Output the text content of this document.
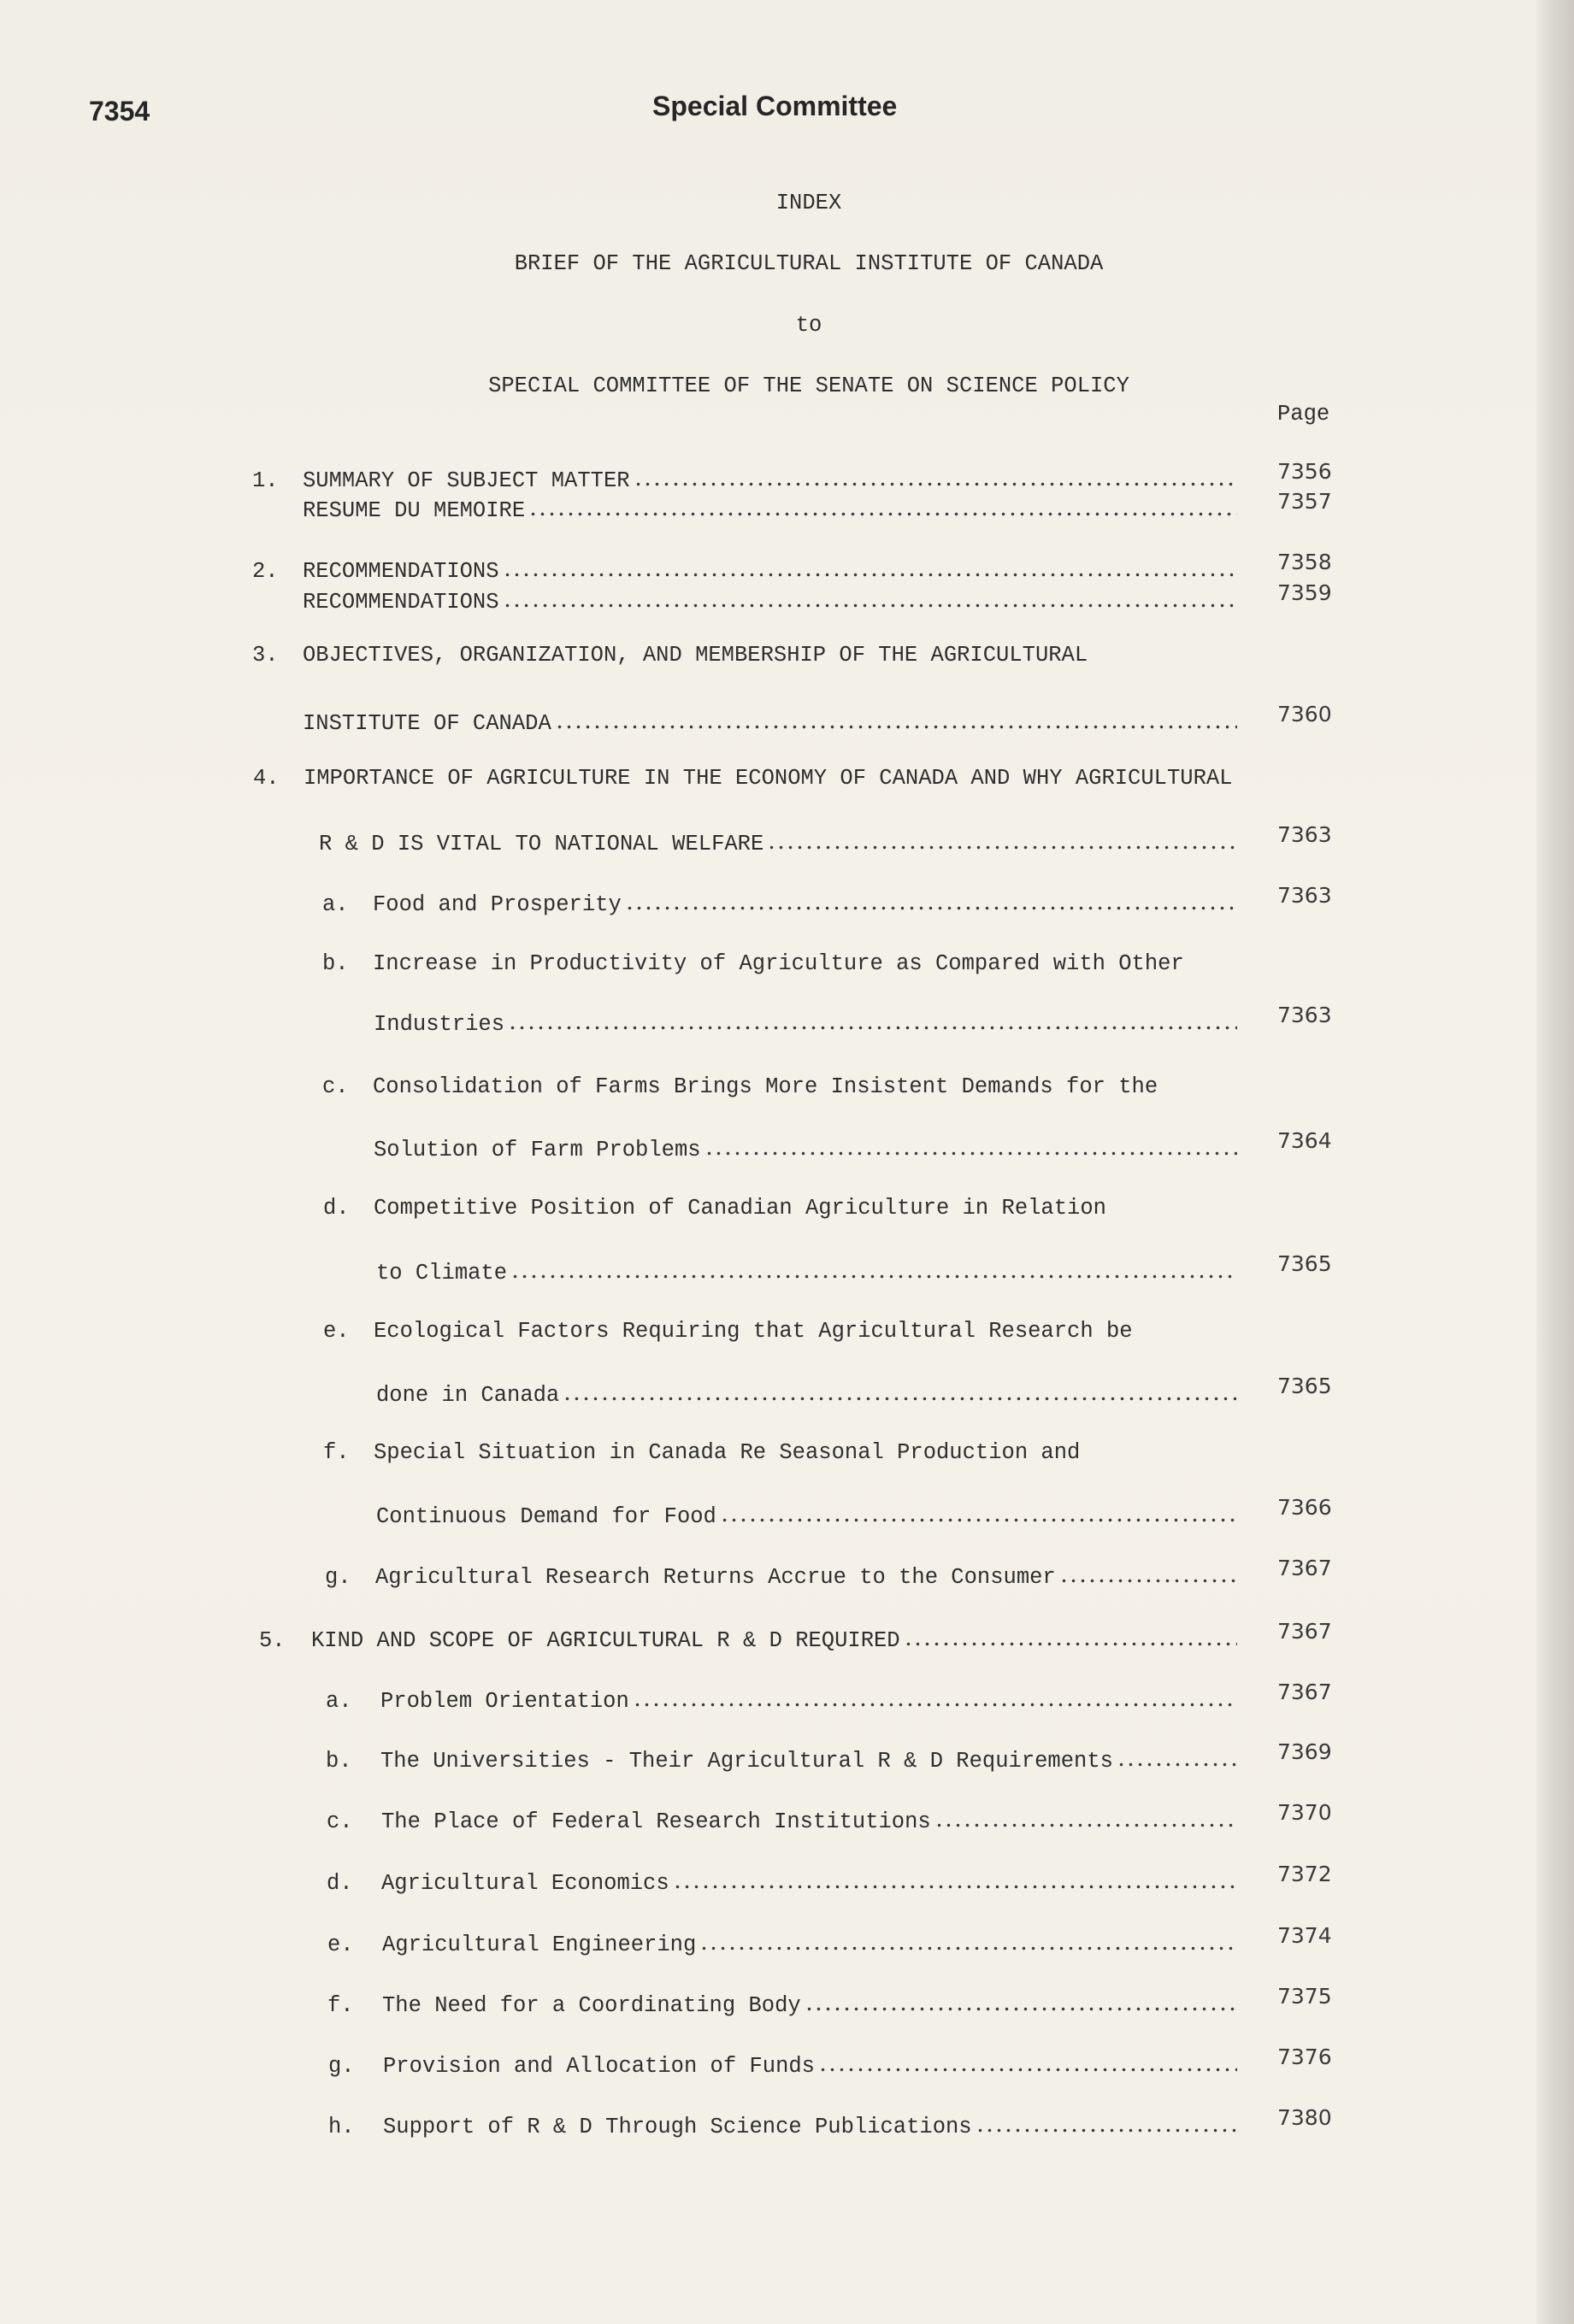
7354	Special Committee
INDEX
BRIEF OF THE AGRICULTURAL INSTITUTE OF CANADA
to
SPECIAL COMMITTEE OF THE SENATE ON SCIENCE POLICY
Page
1.	SUMMARY OF SUBJECT MATTER	7356
RESUME DU MEMOIRE	7357
2.	RECOMMENDATIONS	7358
RECOMMENDATIONS	7359
3.	OBJECTIVES, ORGANIZATION, AND MEMBERSHIP OF THE AGRICULTURAL
INSTITUTE OF CANADA	7360
4.	IMPORTANCE OF AGRICULTURE IN THE ECONOMY OF CANADA AND WHY AGRICULTURAL
R & D IS VITAL TO NATIONAL WELFARE	7363
a.	Food and Prosperity	7363
b.	Increase in Productivity of Agriculture as Compared with Other
Industries	7363
c.	Consolidation of Farms Brings More Insistent Demands for the
Solution of Farm Problems	7364
d.	Competitive Position of Canadian Agriculture in Relation
to Climate	7365
e.	Ecological Factors Requiring that Agricultural Research be
done in Canada	7365
f.	Special Situation in Canada Re Seasonal Production and
Continuous Demand for Food	7366
g.	Agricultural Research Returns Accrue to the Consumer	7367
5.	KIND AND SCOPE OF AGRICULTURAL R & D REQUIRED	7367
a.	Problem Orientation	7367
b.	The Universities - Their Agricultural R & D Requirements	7369
c.	The Place of Federal Research Institutions	7370
d.	Agricultural Economics	7372
e.	Agricultural Engineering	7374
f.	The Need for a Coordinating Body	7375
g.	Provision and Allocation of Funds	7376
h.	Support of R & D Through Science Publications	7380
